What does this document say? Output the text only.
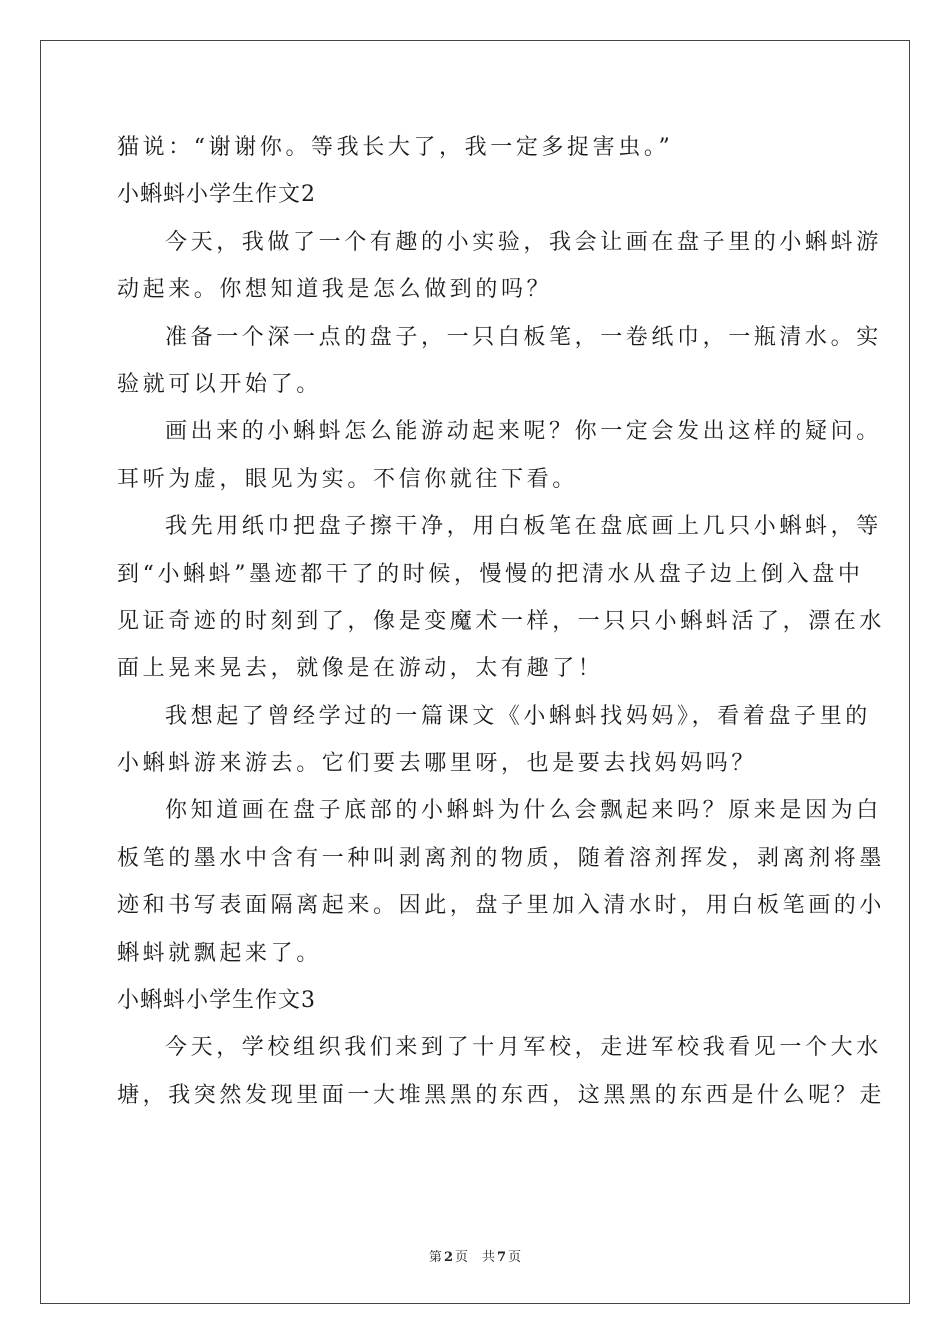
猫说：“谢谢你。等我长大了，我一定多捉害虫。”

小蝌蚪小学生作文2

今天，我做了一个有趣的小实验，我会让画在盘子里的小蝌蚪游

动起来。你想知道我是怎么做到的吗？

准备一个深一点的盘子，一只白板笔，一卷纸巾，一瓶清水。实

验就可以开始了。

画出来的小蝌蚪怎么能游动起来呢？你一定会发出这样的疑问。

耳听为虚，眼见为实。不信你就往下看。

我先用纸巾把盘子擦干净，用白板笔在盘底画上几只小蝌蚪，等

到“小蝌蚪”墨迹都干了的时候，慢慢的把清水从盘子边上倒入盘中

见证奇迹的时刻到了，像是变魔术一样，一只只小蝌蚪活了，漂在水

面上晃来晃去，就像是在游动，太有趣了！

我想起了曾经学过的一篇课文《小蝌蚪找妈妈》，看着盘子里的

小蝌蚪游来游去。它们要去哪里呀，也是要去找妈妈吗？

你知道画在盘子底部的小蝌蚪为什么会飘起来吗？原来是因为白

板笔的墨水中含有一种叫剥离剂的物质，随着溶剂挥发，剥离剂将墨

迹和书写表面隔离起来。因此，盘子里加入清水时，用白板笔画的小

蝌蚪就飘起来了。

小蝌蚪小学生作文3

今天，学校组织我们来到了十月军校，走进军校我看见一个大水

塘，我突然发现里面一大堆黑黑的东西，这黑黑的东西是什么呢？走

第 2 页 共 7 页
